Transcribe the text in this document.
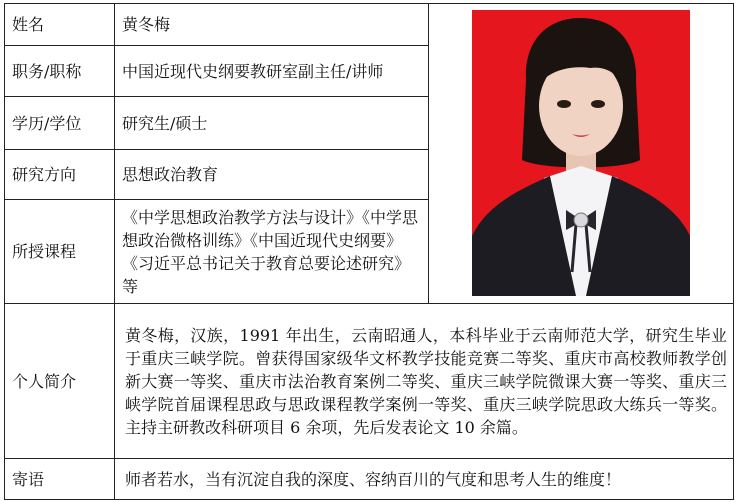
姓名	黄冬梅	

职务/职称	中国近现代史纲要教研室副主任/讲师	
学历/学位	研究生/硕士	
研究方向	思想政治教育	
所授课程	《中学思想政治教学方法与设计》《中学思想政治微格训练》《中国近现代史纲要》《习近平总书记关于教育总要论述研究》等	
个人简介	黄冬梅，汉族，1991 年出生，云南昭通人，本科毕业于云南师范大学，研究生毕业于重庆三峡学院。曾获得国家级华文杯教学技能竞赛二等奖、重庆市高校教师教学创新大赛一等奖、重庆市法治教育案例二等奖、重庆三峡学院微课大赛一等奖、重庆三峡学院首届课程思政与思政课程教学案例一等奖、重庆三峡学院思政大练兵一等奖。主持主研教改科研项目 6 余项，先后发表论文 10 余篇。	
寄语	师者若水，当有沉淀自我的深度、容纳百川的气度和思考人生的维度！	
